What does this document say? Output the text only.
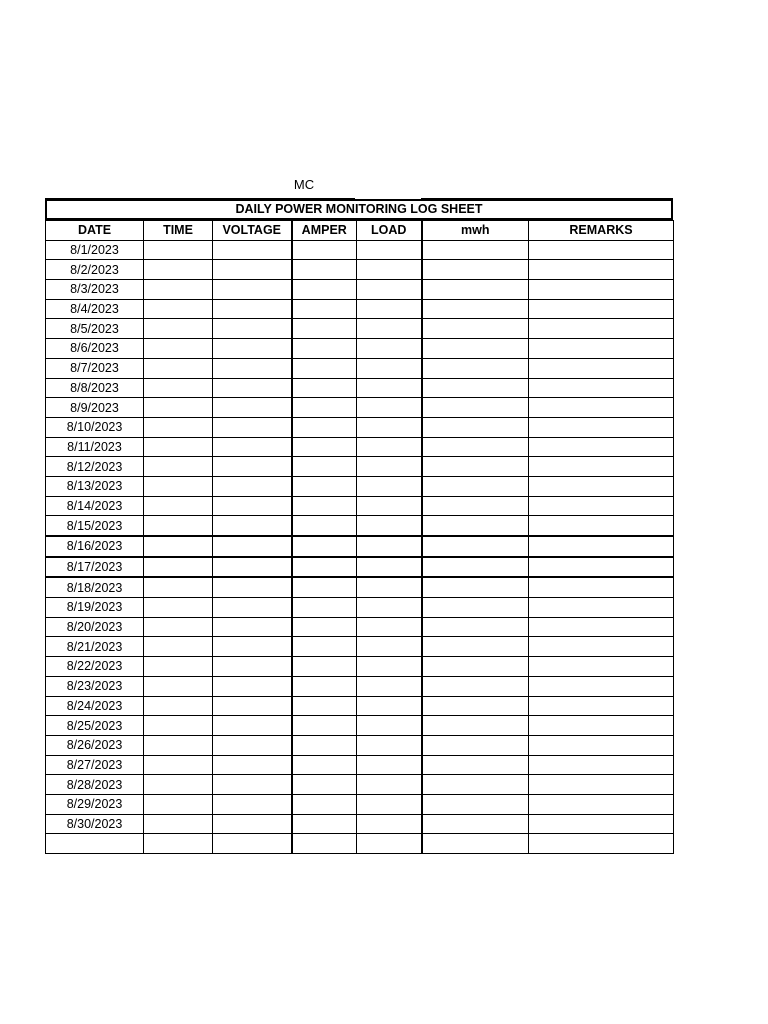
MC
DAILY POWER MONITORING LOG SHEET
DATE	TIME	VOLTAGE	AMPER	LOAD	mwh	REMARKS
8/1/2023						
8/2/2023						
8/3/2023						
8/4/2023						
8/5/2023						
8/6/2023						
8/7/2023						
8/8/2023						
8/9/2023						
8/10/2023						
8/11/2023						
8/12/2023						
8/13/2023						
8/14/2023						
8/15/2023						
8/16/2023						
8/17/2023						
8/18/2023						
8/19/2023						
8/20/2023						
8/21/2023						
8/22/2023						
8/23/2023						
8/24/2023						
8/25/2023						
8/26/2023						
8/27/2023						
8/28/2023						
8/29/2023						
8/30/2023						
